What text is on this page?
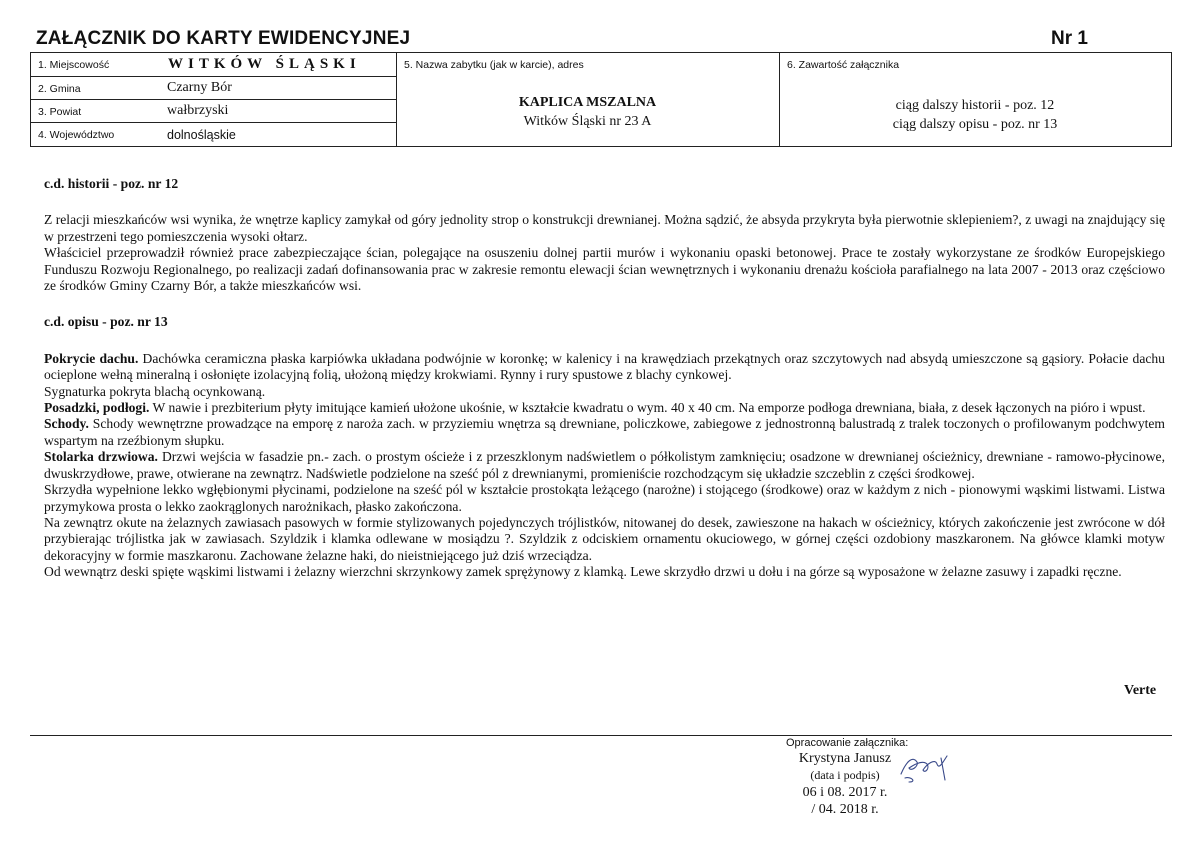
ZAŁĄCZNIK DO KARTY EWIDENCYJNEJ	Nr 1
1. Miejscowość	WITKÓW ŚLĄSKI
2. Gmina	Czarny Bór
3. Powiat	wałbrzyski
4. Województwo	dolnośląskie
5. Nazwa zabytku (jak w karcie), adres
KAPLICA MSZALNA
Witków Śląski nr 23 A
6. Zawartość załącznika
ciąg dalszy historii - poz. 12
ciąg dalszy opisu - poz. nr 13

c.d. historii - poz. nr 12

Z relacji mieszkańców wsi wynika, że wnętrze kaplicy zamykał od góry jednolity strop o konstrukcji drewnianej. Można sądzić, że absyda przykryta była pierwotnie sklepieniem?, z uwagi na znajdujący się w przestrzeni tego pomieszczenia wysoki ołtarz.

Właściciel przeprowadził również prace zabezpieczające ścian, polegające na osuszeniu dolnej partii murów i wykonaniu opaski betonowej. Prace te zostały wykorzystane ze środków Europejskiego Funduszu Rozwoju Regionalnego, po realizacji zadań dofinansowania prac w zakresie remontu elewacji ścian wewnętrznych i wykonaniu drenażu kościoła parafialnego na lata 2007 - 2013 oraz częściowo ze środków Gminy Czarny Bór, a także mieszkańców wsi.

c.d. opisu - poz. nr 13

Pokrycie dachu. Dachówka ceramiczna płaska karpiówka układana podwójnie w koronkę; w kalenicy i na krawędziach przekątnych oraz szczytowych nad absydą umieszczone są gąsiory. Połacie dachu ocieplone wełną mineralną i osłonięte izolacyjną folią, ułożoną między krokwiami. Rynny i rury spustowe z blachy cynkowej.

Sygnaturka pokryta blachą ocynkowaną.

Posadzki, podłogi. W nawie i prezbiterium płyty imitujące kamień ułożone ukośnie, w kształcie kwadratu o wym. 40 x 40 cm. Na emporze podłoga drewniana, biała, z desek łączonych na pióro i wpust.

Schody. Schody wewnętrzne prowadzące na emporę z naroża zach. w przyziemiu wnętrza są drewniane, policzkowe, zabiegowe z jednostronną balustradą z tralek toczonych o profilowanym podchwytem wspartym na rzeźbionym słupku.

Stolarka drzwiowa. Drzwi wejścia w fasadzie pn.- zach. o prostym ościeże i z przeszklonym nadświetlem o półkolistym zamknięciu; osadzone w drewnianej ościeżnicy, drewniane - ramowo-płycinowe, dwuskrzydłowe, prawe, otwierane na zewnątrz. Nadświetle podzielone na sześć pól z drewnianymi, promieniście rozchodzącym się układzie szczeblin z części środkowej.

Skrzydła wypełnione lekko wgłębionymi płycinami, podzielone na sześć pól w kształcie prostokąta leżącego (narożne) i stojącego (środkowe) oraz w każdym z nich - pionowymi wąskimi listwami. Listwa przymykowa prosta o lekko zaokrąglonych narożnikach, płasko zakończona.

Na zewnątrz okute na żelaznych zawiasach pasowych w formie stylizowanych pojedynczych trójlistków, nitowanej do desek, zawieszone na hakach w ościeżnicy, których zakończenie jest zwrócone w dół przybierając trójlistka jak w zawiasach. Szyldzik i klamka odlewane w mosiądzu ?. Szyldzik z odciskiem ornamentu okuciowego, w górnej części ozdobiony maszkaronem. Na główce klamki motyw dekoracyjny w formie maszkaronu. Zachowane żelazne haki, do nieistniejącego już dziś wrzeciądza.

Od wewnątrz deski spięte wąskimi listwami i żelazny wierzchni skrzynkowy zamek sprężynowy z klamką. Lewe skrzydło drzwi u dołu i na górze są wyposażone w żelazne zasuwy i zapadki ręczne.

Verte
Opracowanie załącznika:
Krystyna Janusz
(data i podpis)
06 i 08. 2017 r.
/ 04. 2018 r.
